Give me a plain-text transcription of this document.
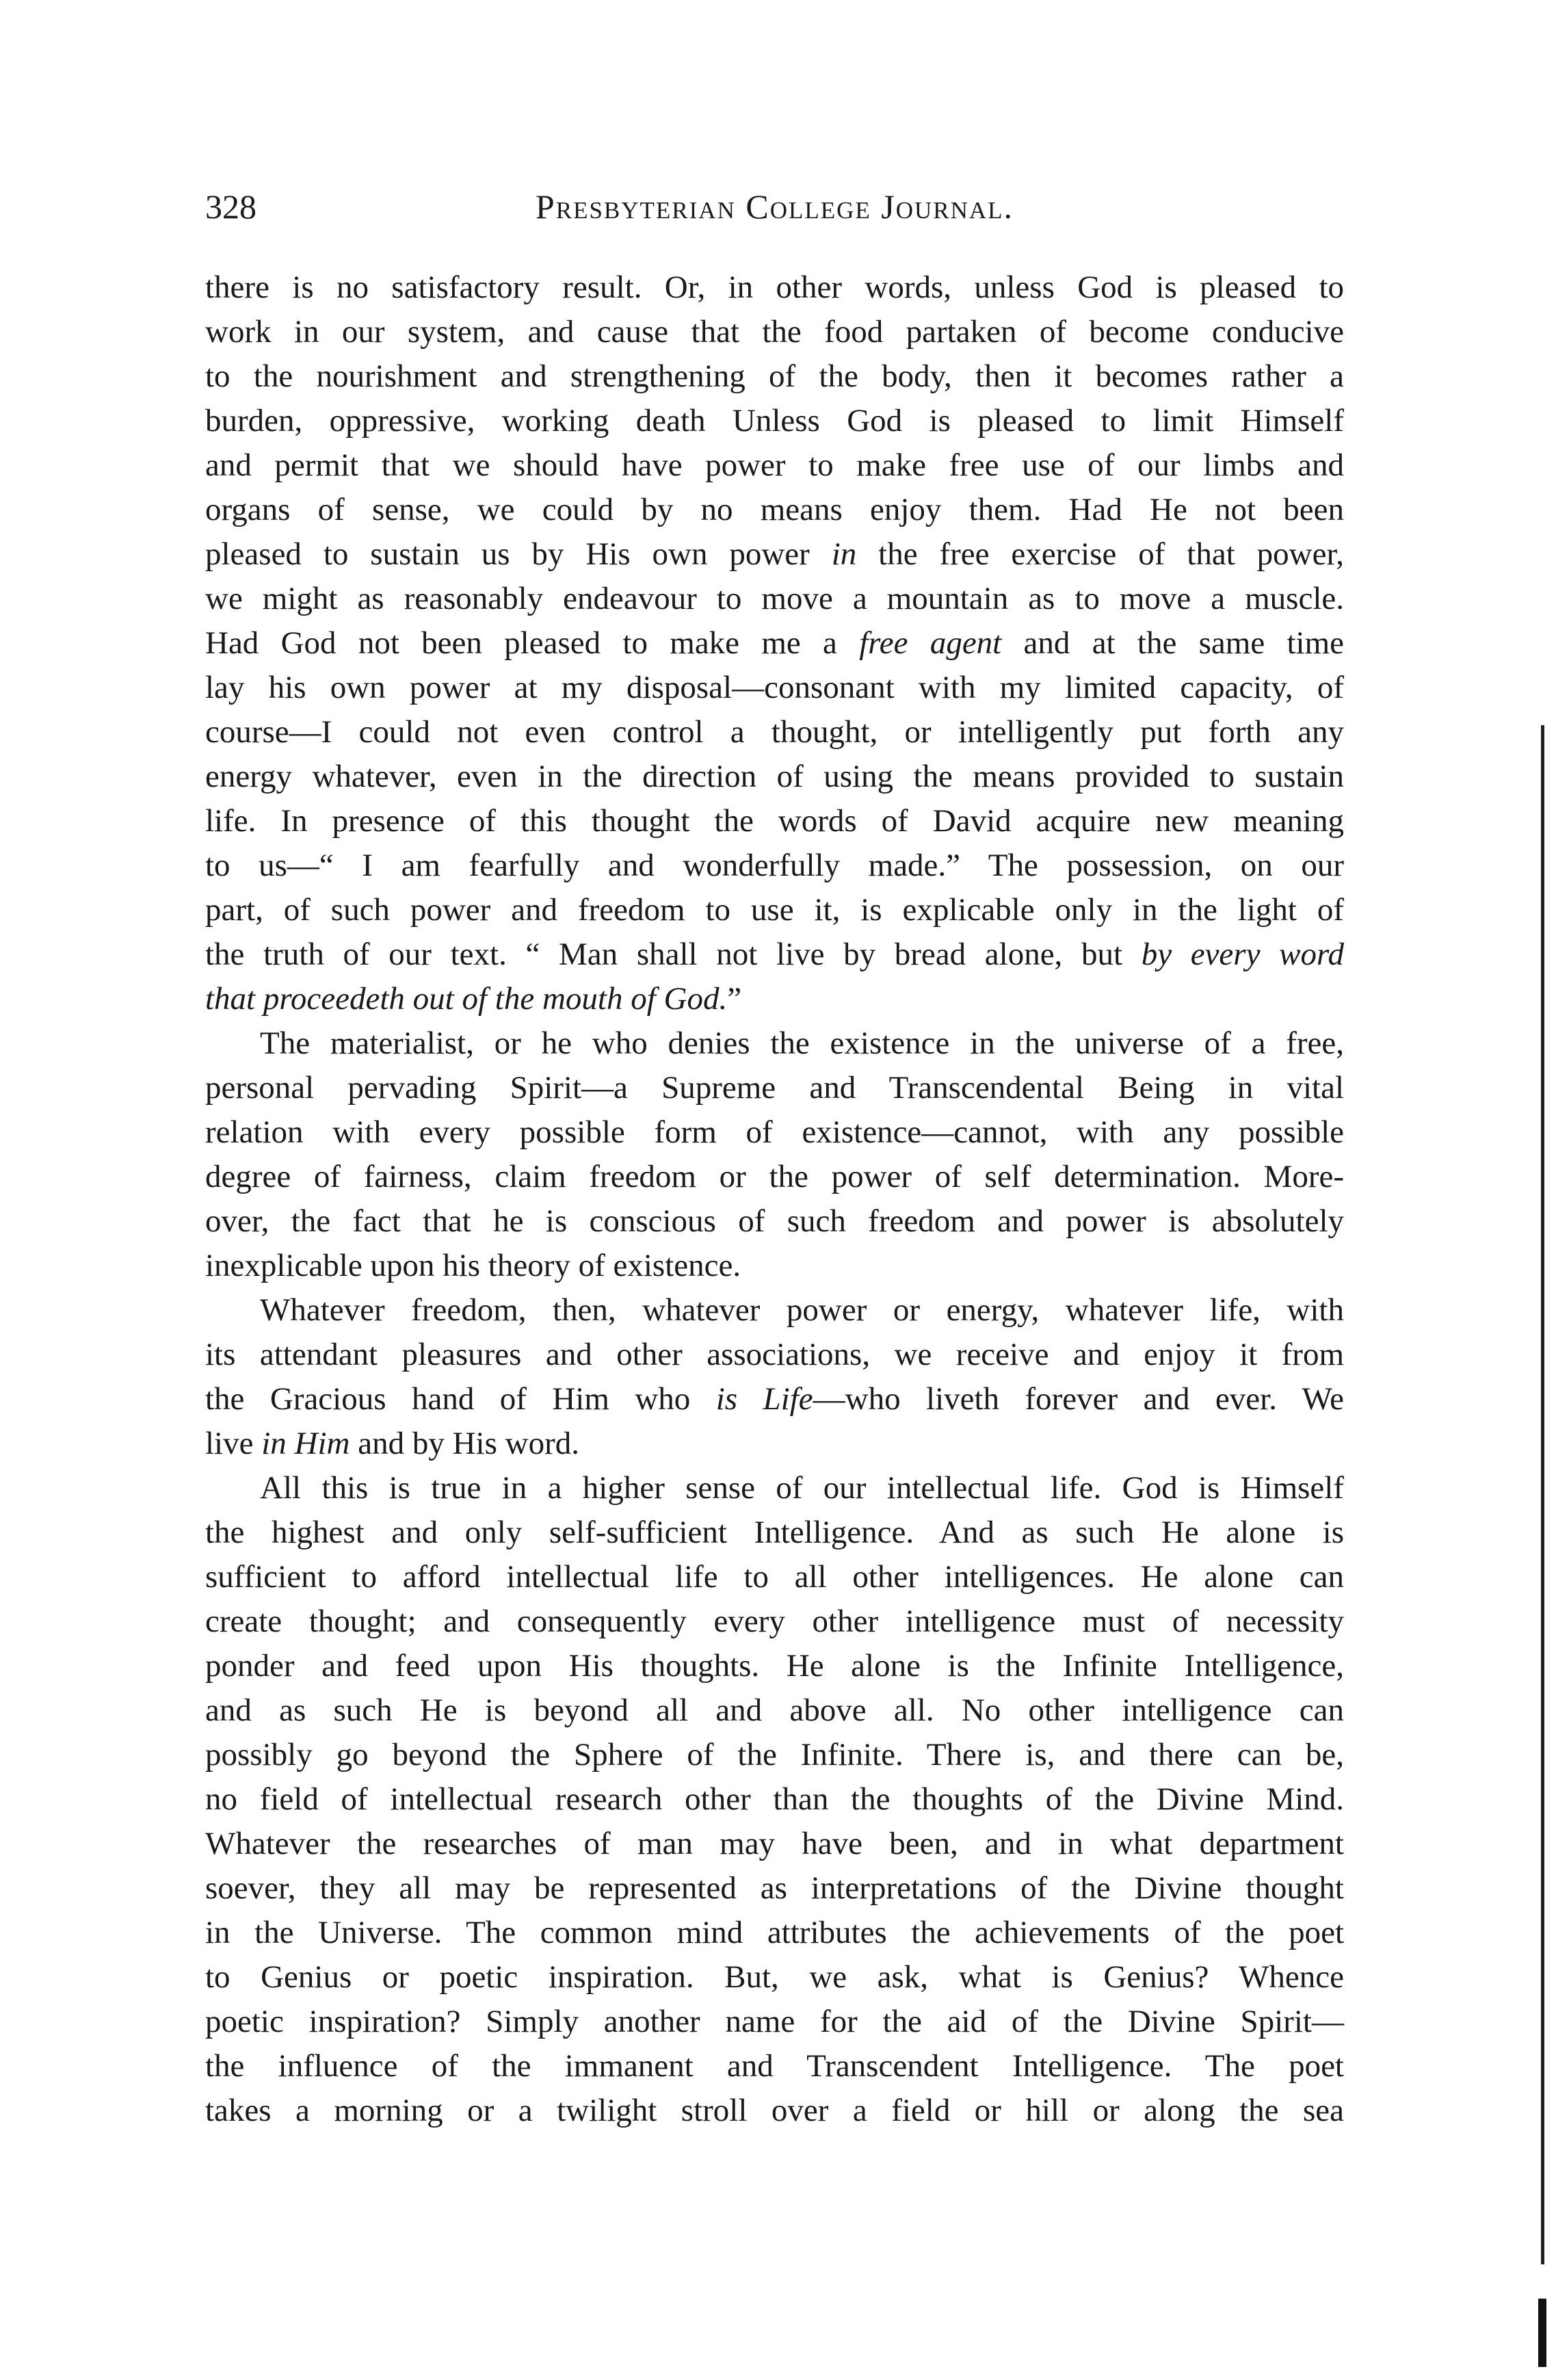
328	Presbyterian College Journal.
there is no satisfactory result. Or, in other words, unless God is pleased to
work in our system, and cause that the food partaken of become conducive
to the nourishment and strengthening of the body, then it becomes rather a
burden, oppressive, working death Unless God is pleased to limit Himself
and permit that we should have power to make free use of our limbs and
organs of sense, we could by no means enjoy them. Had He not been
pleased to sustain us by His own power in the free exercise of that power,
we might as reasonably endeavour to move a mountain as to move a muscle.
Had God not been pleased to make me a free agent and at the same time
lay his own power at my disposal—consonant with my limited capacity, of
course—I could not even control a thought, or intelligently put forth any
energy whatever, even in the direction of using the means provided to sustain
life. In presence of this thought the words of David acquire new meaning
to us—“ I am fearfully and wonderfully made.” The possession, on our
part, of such power and freedom to use it, is explicable only in the light of
the truth of our text. “ Man shall not live by bread alone, but by every word
that proceedeth out of the mouth of God.”
The materialist, or he who denies the existence in the universe of a free,
personal pervading Spirit—a Supreme and Transcendental Being in vital
relation with every possible form of existence—cannot, with any possible
degree of fairness, claim freedom or the power of self determination. More-
over, the fact that he is conscious of such freedom and power is absolutely
inexplicable upon his theory of existence.
Whatever freedom, then, whatever power or energy, whatever life, with
its attendant pleasures and other associations, we receive and enjoy it from
the Gracious hand of Him who is Life—who liveth forever and ever. We
live in Him and by His word.
All this is true in a higher sense of our intellectual life. God is Himself
the highest and only self-sufficient Intelligence. And as such He alone is
sufficient to afford intellectual life to all other intelligences. He alone can
create thought; and consequently every other intelligence must of necessity
ponder and feed upon His thoughts. He alone is the Infinite Intelligence,
and as such He is beyond all and above all. No other intelligence can
possibly go beyond the Sphere of the Infinite. There is, and there can be,
no field of intellectual research other than the thoughts of the Divine Mind.
Whatever the researches of man may have been, and in what department
soever, they all may be represented as interpretations of the Divine thought
in the Universe. The common mind attributes the achievements of the poet
to Genius or poetic inspiration. But, we ask, what is Genius? Whence
poetic inspiration? Simply another name for the aid of the Divine Spirit—
the influence of the immanent and Transcendent Intelligence. The poet
takes a morning or a twilight stroll over a field or hill or along the sea
